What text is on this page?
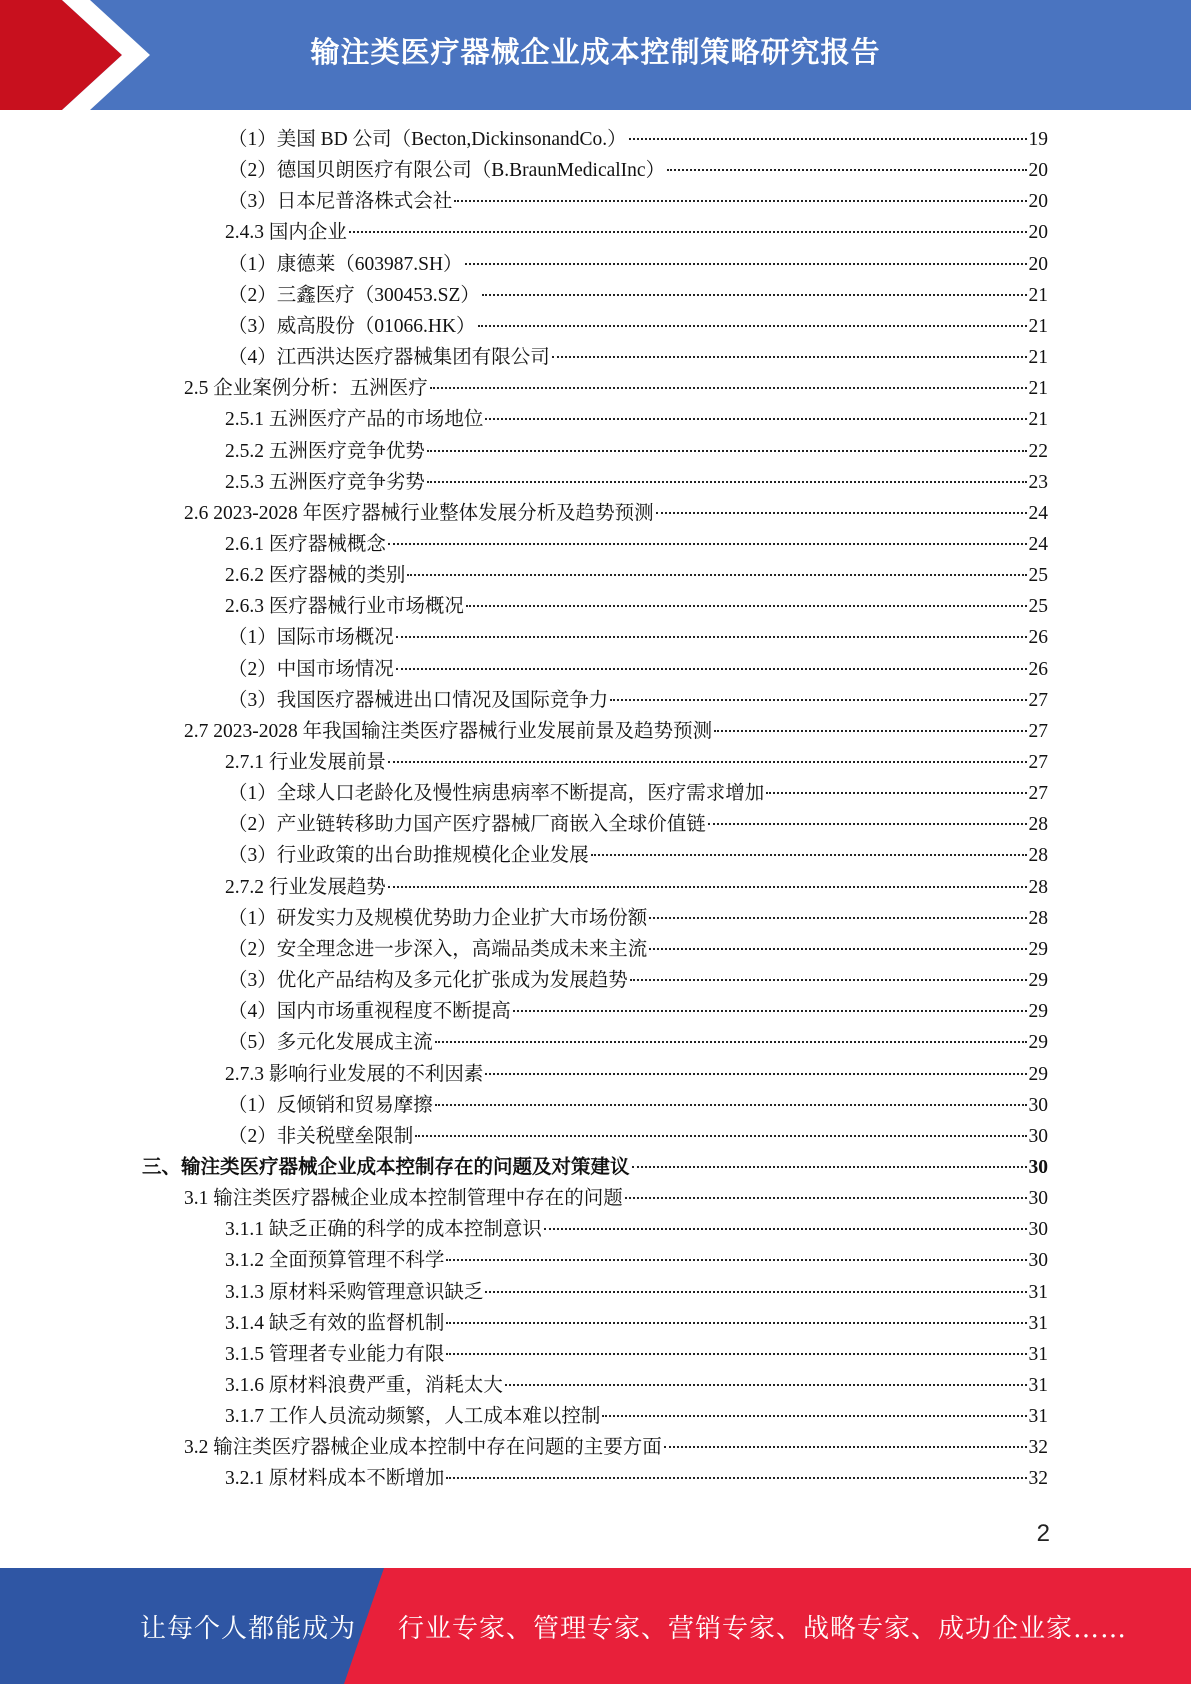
输注类医疗器械企业成本控制策略研究报告
（1）美国 BD 公司（Becton,DickinsonandCo.）	19
（2）德国贝朗医疗有限公司（B.BraunMedicalInc）	20
（3）日本尼普洛株式会社	20
2.4.3 国内企业	20
（1）康德莱（603987.SH）	20
（2）三鑫医疗（300453.SZ）	21
（3）威高股份（01066.HK）	21
（4）江西洪达医疗器械集团有限公司	21
2.5 企业案例分析：五洲医疗	21
2.5.1 五洲医疗产品的市场地位	21
2.5.2 五洲医疗竞争优势	22
2.5.3 五洲医疗竞争劣势	23
2.6 2023-2028 年医疗器械行业整体发展分析及趋势预测	24
2.6.1 医疗器械概念	24
2.6.2 医疗器械的类别	25
2.6.3 医疗器械行业市场概况	25
（1）国际市场概况	26
（2）中国市场情况	26
（3）我国医疗器械进出口情况及国际竞争力	27
2.7 2023-2028 年我国输注类医疗器械行业发展前景及趋势预测	27
2.7.1 行业发展前景	27
（1）全球人口老龄化及慢性病患病率不断提高，医疗需求增加	27
（2）产业链转移助力国产医疗器械厂商嵌入全球价值链	28
（3）行业政策的出台助推规模化企业发展	28
2.7.2 行业发展趋势	28
（1）研发实力及规模优势助力企业扩大市场份额	28
（2）安全理念进一步深入，高端品类成未来主流	29
（3）优化产品结构及多元化扩张成为发展趋势	29
（4）国内市场重视程度不断提高	29
（5）多元化发展成主流	29
2.7.3 影响行业发展的不利因素	29
（1）反倾销和贸易摩擦	30
（2）非关税壁垒限制	30
三、输注类医疗器械企业成本控制存在的问题及对策建议	30
3.1 输注类医疗器械企业成本控制管理中存在的问题	30
3.1.1 缺乏正确的科学的成本控制意识	30
3.1.2 全面预算管理不科学	30
3.1.3 原材料采购管理意识缺乏	31
3.1.4 缺乏有效的监督机制	31
3.1.5 管理者专业能力有限	31
3.1.6 原材料浪费严重，消耗太大	31
3.1.7 工作人员流动频繁，人工成本难以控制	31
3.2 输注类医疗器械企业成本控制中存在问题的主要方面	32
3.2.1 原材料成本不断增加	32
2
让每个人都能成为 行业专家、管理专家、营销专家、战略专家、成功企业家……
